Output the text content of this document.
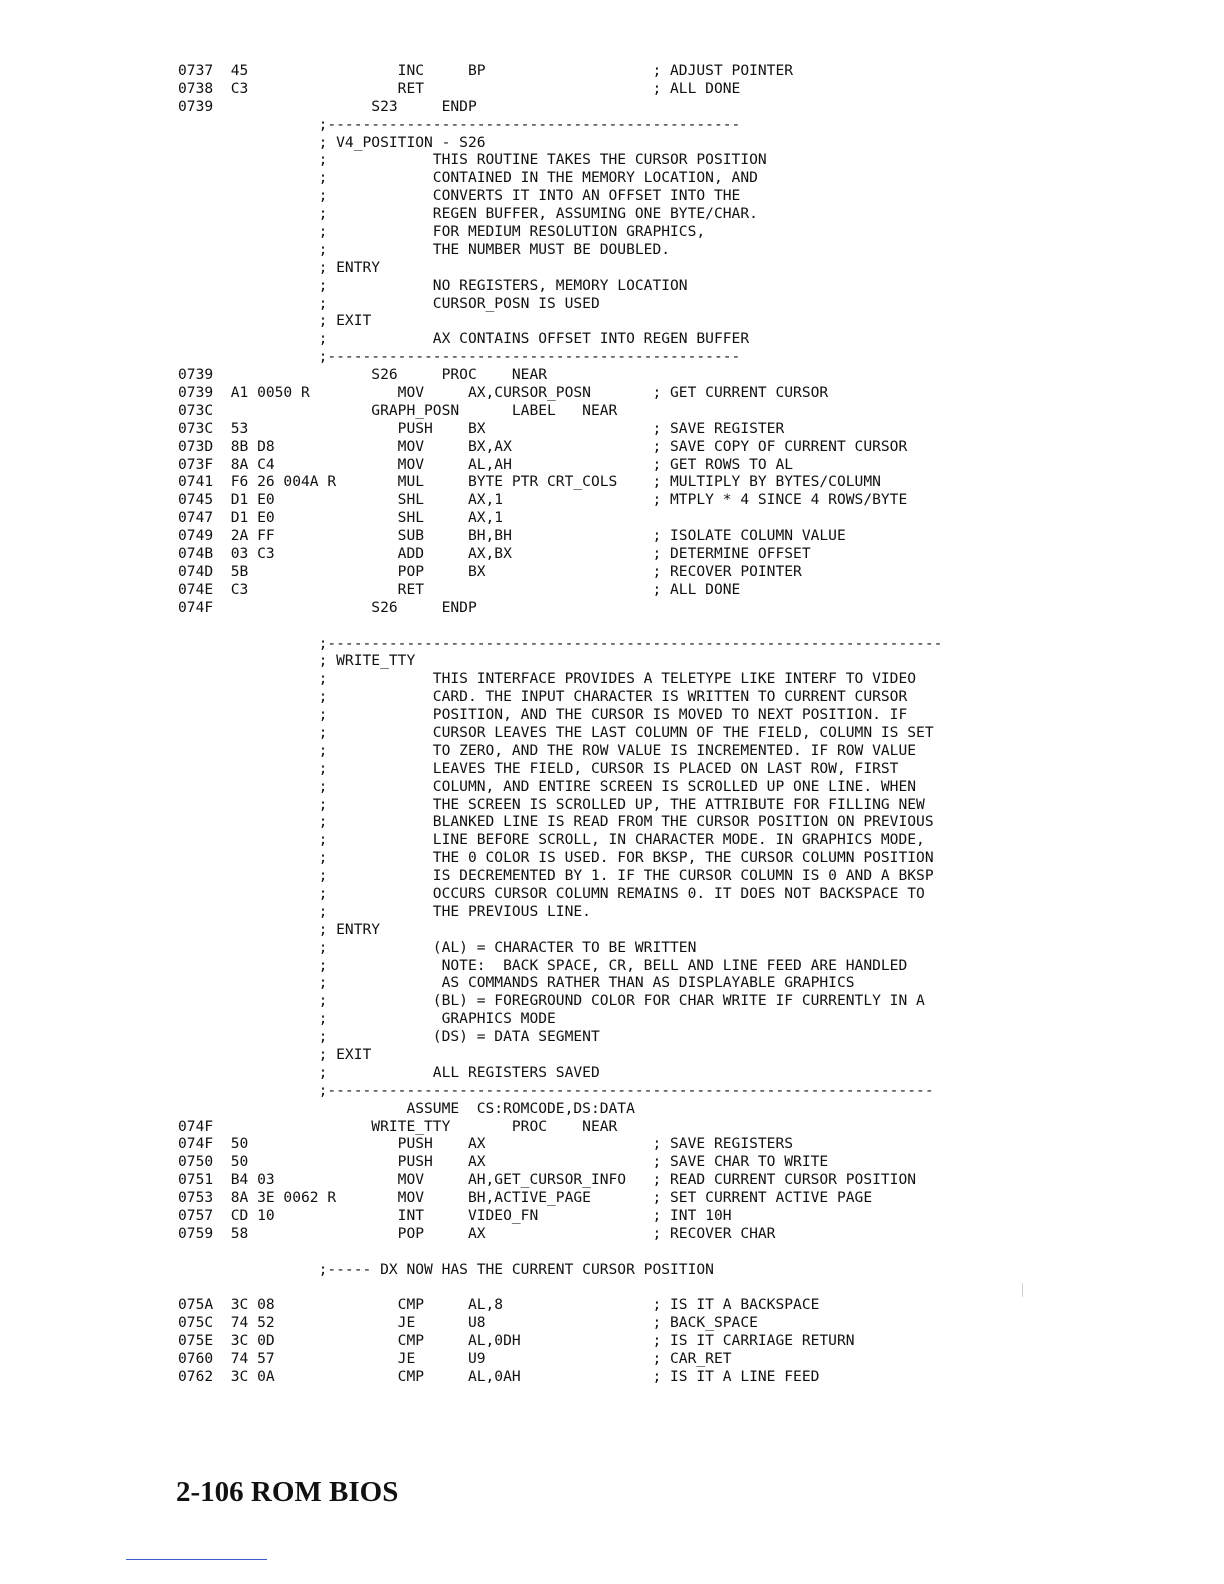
0737  45                 INC     BP                   ; ADJUST POINTER
0738  C3                 RET                          ; ALL DONE
0739                  S23     ENDP
;-----------------------------------------------
; V4_POSITION - S26
;            THIS ROUTINE TAKES THE CURSOR POSITION
;            CONTAINED IN THE MEMORY LOCATION, AND
;            CONVERTS IT INTO AN OFFSET INTO THE
;            REGEN BUFFER, ASSUMING ONE BYTE/CHAR.
;            FOR MEDIUM RESOLUTION GRAPHICS,
;            THE NUMBER MUST BE DOUBLED.
; ENTRY
;            NO REGISTERS, MEMORY LOCATION
;            CURSOR_POSN IS USED
; EXIT
;            AX CONTAINS OFFSET INTO REGEN BUFFER
;-----------------------------------------------
0739                  S26     PROC    NEAR
0739  A1 0050 R          MOV     AX,CURSOR_POSN       ; GET CURRENT CURSOR
073C                  GRAPH_POSN      LABEL   NEAR
073C  53                 PUSH    BX                   ; SAVE REGISTER
073D  8B D8              MOV     BX,AX                ; SAVE COPY OF CURRENT CURSOR
073F  8A C4              MOV     AL,AH                ; GET ROWS TO AL
0741  F6 26 004A R       MUL     BYTE PTR CRT_COLS    ; MULTIPLY BY BYTES/COLUMN
0745  D1 E0              SHL     AX,1                 ; MTPLY * 4 SINCE 4 ROWS/BYTE
0747  D1 E0              SHL     AX,1
0749  2A FF              SUB     BH,BH                ; ISOLATE COLUMN VALUE
074B  03 C3              ADD     AX,BX                ; DETERMINE OFFSET
074D  5B                 POP     BX                   ; RECOVER POINTER
074E  C3                 RET                          ; ALL DONE
074F                  S26     ENDP
;----------------------------------------------------------------------
; WRITE_TTY
;            THIS INTERFACE PROVIDES A TELETYPE LIKE INTERF TO VIDEO
;            CARD. THE INPUT CHARACTER IS WRITTEN TO CURRENT CURSOR
;            POSITION, AND THE CURSOR IS MOVED TO NEXT POSITION. IF
;            CURSOR LEAVES THE LAST COLUMN OF THE FIELD, COLUMN IS SET
;            TO ZERO, AND THE ROW VALUE IS INCREMENTED. IF ROW VALUE
;            LEAVES THE FIELD, CURSOR IS PLACED ON LAST ROW, FIRST
;            COLUMN, AND ENTIRE SCREEN IS SCROLLED UP ONE LINE. WHEN
;            THE SCREEN IS SCROLLED UP, THE ATTRIBUTE FOR FILLING NEW
;            BLANKED LINE IS READ FROM THE CURSOR POSITION ON PREVIOUS
;            LINE BEFORE SCROLL, IN CHARACTER MODE. IN GRAPHICS MODE,
;            THE 0 COLOR IS USED. FOR BKSP, THE CURSOR COLUMN POSITION
;            IS DECREMENTED BY 1. IF THE CURSOR COLUMN IS 0 AND A BKSP
;            OCCURS CURSOR COLUMN REMAINS 0. IT DOES NOT BACKSPACE TO
;            THE PREVIOUS LINE.
; ENTRY
;            (AL) = CHARACTER TO BE WRITTEN
;             NOTE:  BACK SPACE, CR, BELL AND LINE FEED ARE HANDLED
;             AS COMMANDS RATHER THAN AS DISPLAYABLE GRAPHICS
;            (BL) = FOREGROUND COLOR FOR CHAR WRITE IF CURRENTLY IN A
;             GRAPHICS MODE
;            (DS) = DATA SEGMENT
; EXIT
;            ALL REGISTERS SAVED
;---------------------------------------------------------------------
ASSUME  CS:ROMCODE,DS:DATA
074F                  WRITE_TTY       PROC    NEAR
074F  50                 PUSH    AX                   ; SAVE REGISTERS
0750  50                 PUSH    AX                   ; SAVE CHAR TO WRITE
0751  B4 03              MOV     AH,GET_CURSOR_INFO   ; READ CURRENT CURSOR POSITION
0753  8A 3E 0062 R       MOV     BH,ACTIVE_PAGE       ; SET CURRENT ACTIVE PAGE
0757  CD 10              INT     VIDEO_FN             ; INT 10H
0759  58                 POP     AX                   ; RECOVER CHAR
;----- DX NOW HAS THE CURRENT CURSOR POSITION
075A  3C 08              CMP     AL,8                 ; IS IT A BACKSPACE
075C  74 52              JE      U8                   ; BACK_SPACE
075E  3C 0D              CMP     AL,0DH               ; IS IT CARRIAGE RETURN
0760  74 57              JE      U9                   ; CAR_RET
0762  3C 0A              CMP     AL,0AH               ; IS IT A LINE FEED
2-106 ROM BIOS
